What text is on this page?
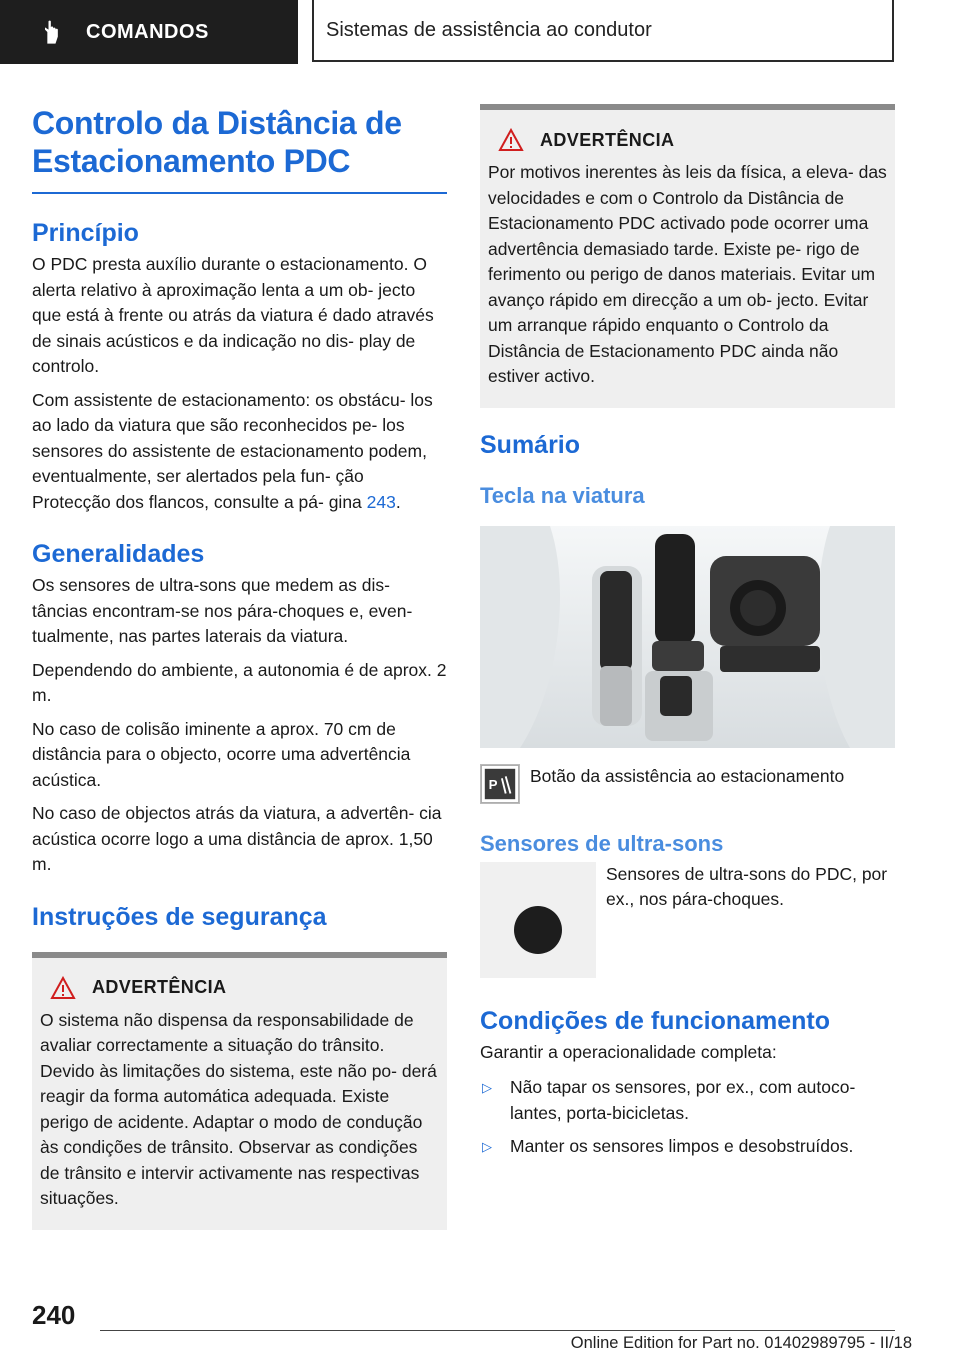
COMANDOS	Sistemas de assistência ao condutor
Controlo da Distância de
Estacionamento PDC
Princípio

O PDC presta auxílio durante o estacionamento. O alerta relativo à aproximação lenta a um ob‐ jecto que está à frente ou atrás da viatura é dado através de sinais acústicos e da indicação no dis‐ play de controlo.

Com assistente de estacionamento: os obstácu‐ los ao lado da viatura que são reconhecidos pe‐ los sensores do assistente de estacionamento podem, eventualmente, ser alertados pela fun‐ ção Protecção dos flancos, consulte a pá‐ gina 243.

Generalidades

Os sensores de ultra-sons que medem as dis‐ tâncias encontram-se nos pára-choques e, even‐ tualmente, nas partes laterais da viatura.

Dependendo do ambiente, a autonomia é de aprox. 2 m.

No caso de colisão iminente a aprox. 70 cm de distância para o objecto, ocorre uma advertência acústica.

No caso de objectos atrás da viatura, a advertên‐ cia acústica ocorre logo a uma distância de aprox. 1,50 m.

Instruções de segurança
ADVERTÊNCIA

O sistema não dispensa da responsabilidade de avaliar correctamente a situação do trânsito. Devido às limitações do sistema, este não po‐ derá reagir da forma automática adequada. Existe perigo de acidente. Adaptar o modo de condução às condições de trânsito. Observar as condições de trânsito e intervir activamente nas respectivas situações.

ADVERTÊNCIA

Por motivos inerentes às leis da física, a eleva‐ das velocidades e com o Controlo da Distância de Estacionamento PDC activado pode ocorrer uma advertência demasiado tarde. Existe pe‐ rigo de ferimento ou perigo de danos materiais. Evitar um avanço rápido em direcção a um ob‐ jecto. Evitar um arranque rápido enquanto o Controlo da Distância de Estacionamento PDC ainda não estiver activo.

Sumário
Tecla na viatura
P Botão da assistência ao estacionamento

Sensores de ultra-sons

Sensores de ultra-sons do PDC, por ex., nos pára-choques.

Condições de funcionamento

Garantir a operacionalidade completa:

▷	Não tapar os sensores, por ex., com autoco‐ lantes, porta-bicicletas.
▷	Manter os sensores limpos e desobstruídos.
240
Online Edition for Part no. 01402989795 - II/18
